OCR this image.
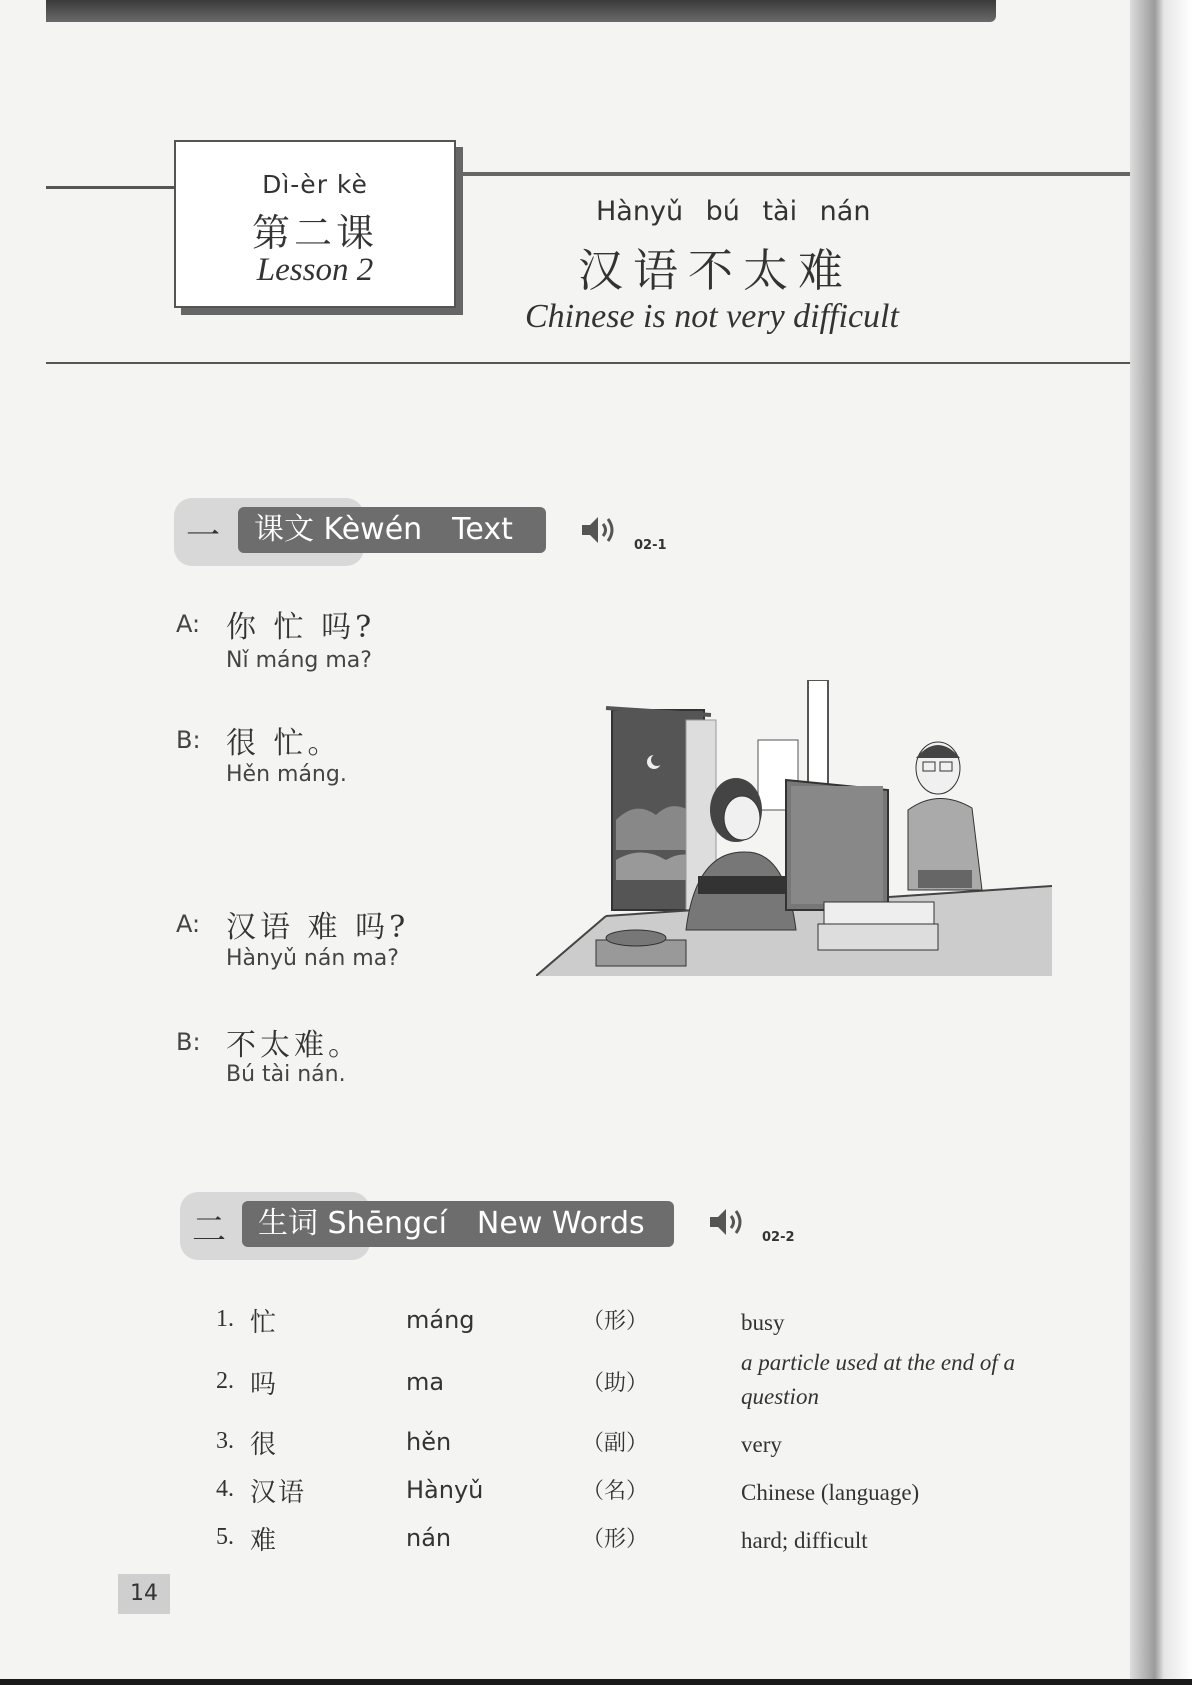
Dì-èr kè
第二课
Lesson 2
Hànyǔ bú tài nán
汉语不太难
Chinese is not very difficult
一	课文 Kèwén　Text	02-1
A: 你 忙 吗?
Nǐ máng ma?
B: 很 忙。
Hěn máng.
A: 汉语 难 吗?
Hànyǔ nán ma?
B: 不太难。
Bú tài nán.
二	生词 Shēngcí　New Words	02-2
1. 忙	máng	（形）	busy
2. 吗	ma	（助）
a particle used at the end of a question
3. 很	hěn	（副）	very
4. 汉语	Hànyǔ	（名）	Chinese (language)
5. 难	nán	（形）	hard; difficult
14
